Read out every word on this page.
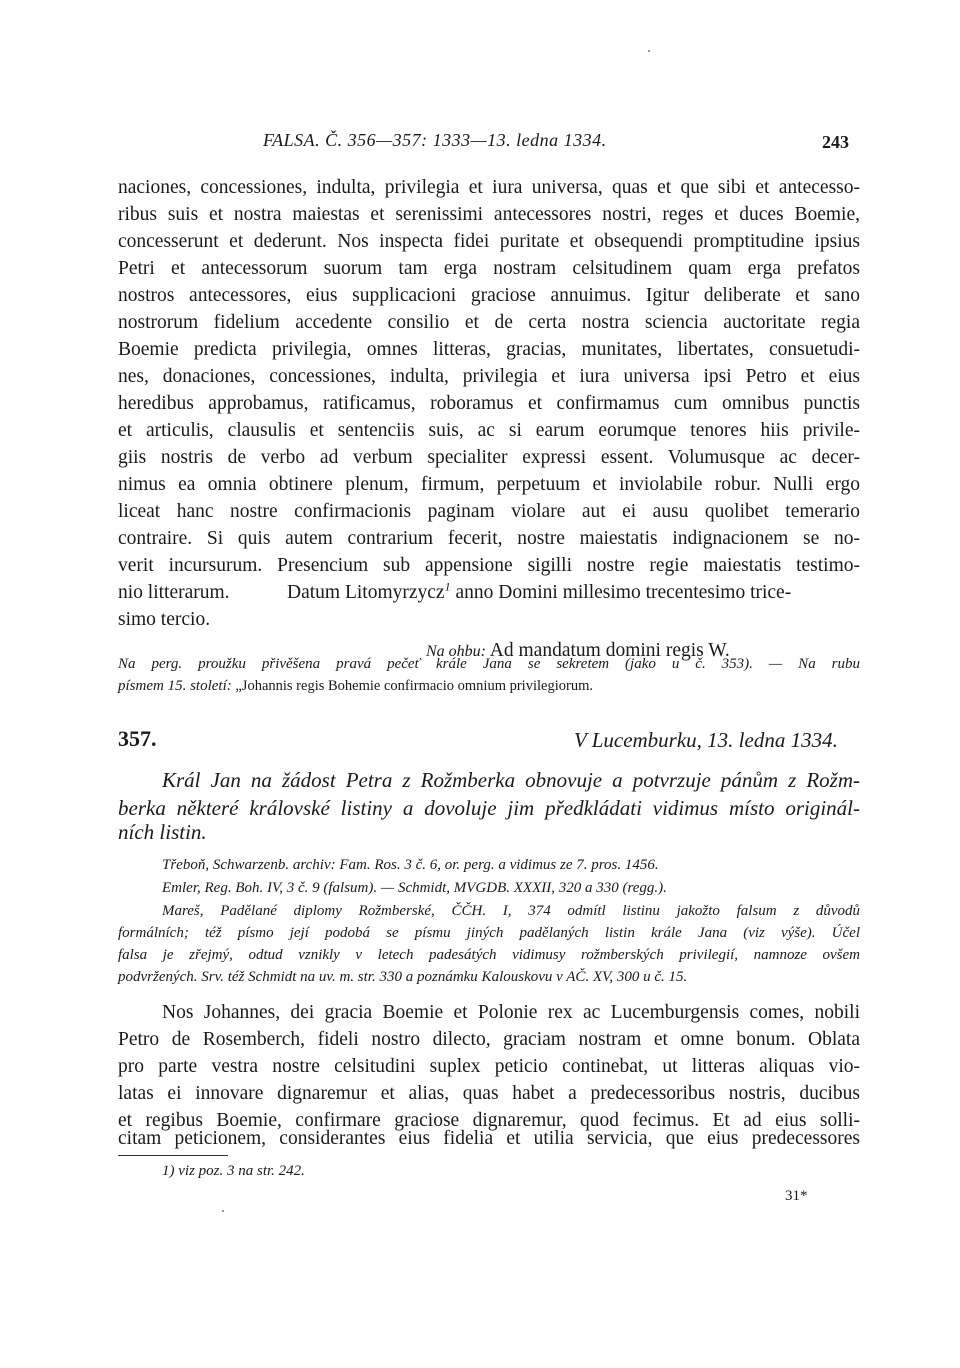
FALSA. Č. 356—357: 1333—13. ledna 1334.	243
naciones, concessiones, indulta, privilegia et iura universa, quas et que sibi et antecesso-
ribus suis et nostra maiestas et serenissimi antecessores nostri, reges et duces Boemie,
concesserunt et dederunt. Nos inspecta fidei puritate et obsequendi promptitudine ipsius
Petri et antecessorum suorum tam erga nostram celsitudinem quam erga prefatos
nostros antecessores, eius supplicacioni graciose annuimus. Igitur deliberate et sano
nostrorum fidelium accedente consilio et de certa nostra sciencia auctoritate regia
Boemie predicta privilegia, omnes litteras, gracias, munitates, libertates, consuetudi-
nes, donaciones, concessiones, indulta, privilegia et iura universa ipsi Petro et eius
heredibus approbamus, ratificamus, roboramus et confirmamus cum omnibus punctis
et articulis, clausulis et sentenciis suis, ac si earum eorumque tenores hiis privile-
giis nostris de verbo ad verbum specialiter expressi essent. Volumusque ac decer-
nimus ea omnia obtinere plenum, firmum, perpetuum et inviolabile robur. Nulli ergo
liceat hanc nostre confirmacionis paginam violare aut ei ausu quolibet temerario
contraire. Si quis autem contrarium fecerit, nostre maiestatis indignacionem se no-
verit incursurum. Presencium sub appensione sigilli nostre regie maiestatis testimo-
nio litterarum.	Datum Litomyrzycz$^1$ anno Domini millesimo trecentesimo trice-
simo tercio.
Na ohbu: Ad mandatum domini regis W.
Na perg. proužku přivěšena pravá pečeť krále Jana se sekretem (jako u č. 353). — Na rubu
písmem 15. století: „Johannis regis Bohemie confirmacio omnium privilegiorum.
357.	V Lucemburku, 13. ledna 1334.
Král Jan na žádost Petra z Rožmberka obnovuje a potvrzuje pánům z Rožm-
berka některé královské listiny a dovoluje jim předkládati vidimus místo originál-
ních listin.
Třeboň, Schwarzenb. archiv: Fam. Ros. 3 č. 6, or. perg. a vidimus ze 7. pros. 1456.
Emler, Reg. Boh. IV, 3 č. 9 (falsum). — Schmidt, MVGDB. XXXII, 320 a 330 (regg.).
Mareš, Padělané diplomy Rožmberské, ČČH. I, 374 odmítl listinu jakožto falsum z důvodů
formálních; též písmo její podobá se písmu jiných padělaných listin krále Jana (viz výše). Účel
falsa je zřejmý, odtud vznikly v letech padesátých vidimusy rožmberských privilegií, namnoze ovšem
podvržených. Srv. též Schmidt na uv. m. str. 330 a poznámku Kalouskovu v AČ. XV, 300 u č. 15.
Nos Johannes, dei gracia Boemie et Polonie rex ac Lucemburgensis comes, nobili
Petro de Rosemberch, fideli nostro dilecto, graciam nostram et omne bonum. Oblata
pro parte vestra nostre celsitudini suplex peticio continebat, ut litteras aliquas vio-
latas ei innovare dignaremur et alias, quas habet a predecessoribus nostris, ducibus
et regibus Boemie, confirmare graciose dignaremur, quod fecimus. Et ad eius solli-
citam peticionem, considerantes eius fidelia et utilia servicia, que eius predecessores
1) viz poz. 3 na str. 242.
31*
